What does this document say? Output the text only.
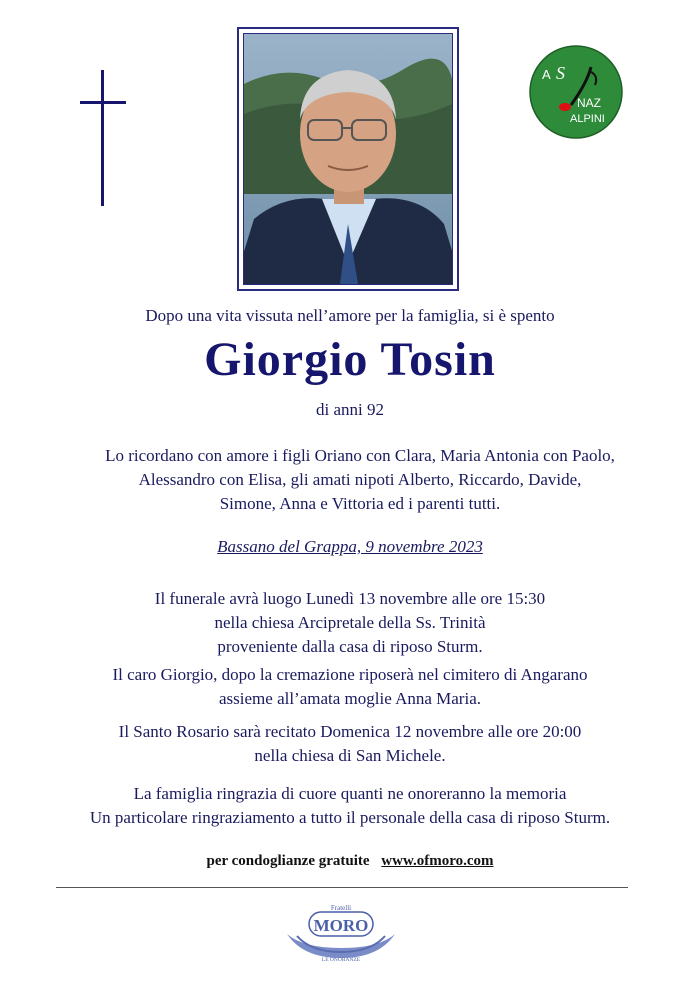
A S
NAZ
ALPINI
Dopo una vita vissuta nell’amore per la famiglia, si è spento
Giorgio Tosin
di anni 92
Lo ricordano con amore i figli Oriano con Clara, Maria Antonia con Paolo,
Alessandro con Elisa, gli amati nipoti Alberto, Riccardo, Davide,
Simone, Anna e Vittoria ed i parenti tutti.
Bassano del Grappa, 9 novembre 2023
Il funerale avrà luogo Lunedì 13 novembre alle ore 15:30
nella chiesa Arcipretale della Ss. Trinità
proveniente dalla casa di riposo Sturm.
Il caro Giorgio, dopo la cremazione riposerà nel cimitero di Angarano
assieme all’amata moglie Anna Maria.
Il Santo Rosario sarà recitato Domenica 12 novembre alle ore 20:00
nella chiesa di San Michele.
La famiglia ringrazia di cuore quanti ne onoreranno la memoria
Un particolare ringraziamento a tutto il personale della casa di riposo Sturm.
per condoglianze gratuite www.ofmoro.com
Fratelli
MORO
LE ONORANZE
